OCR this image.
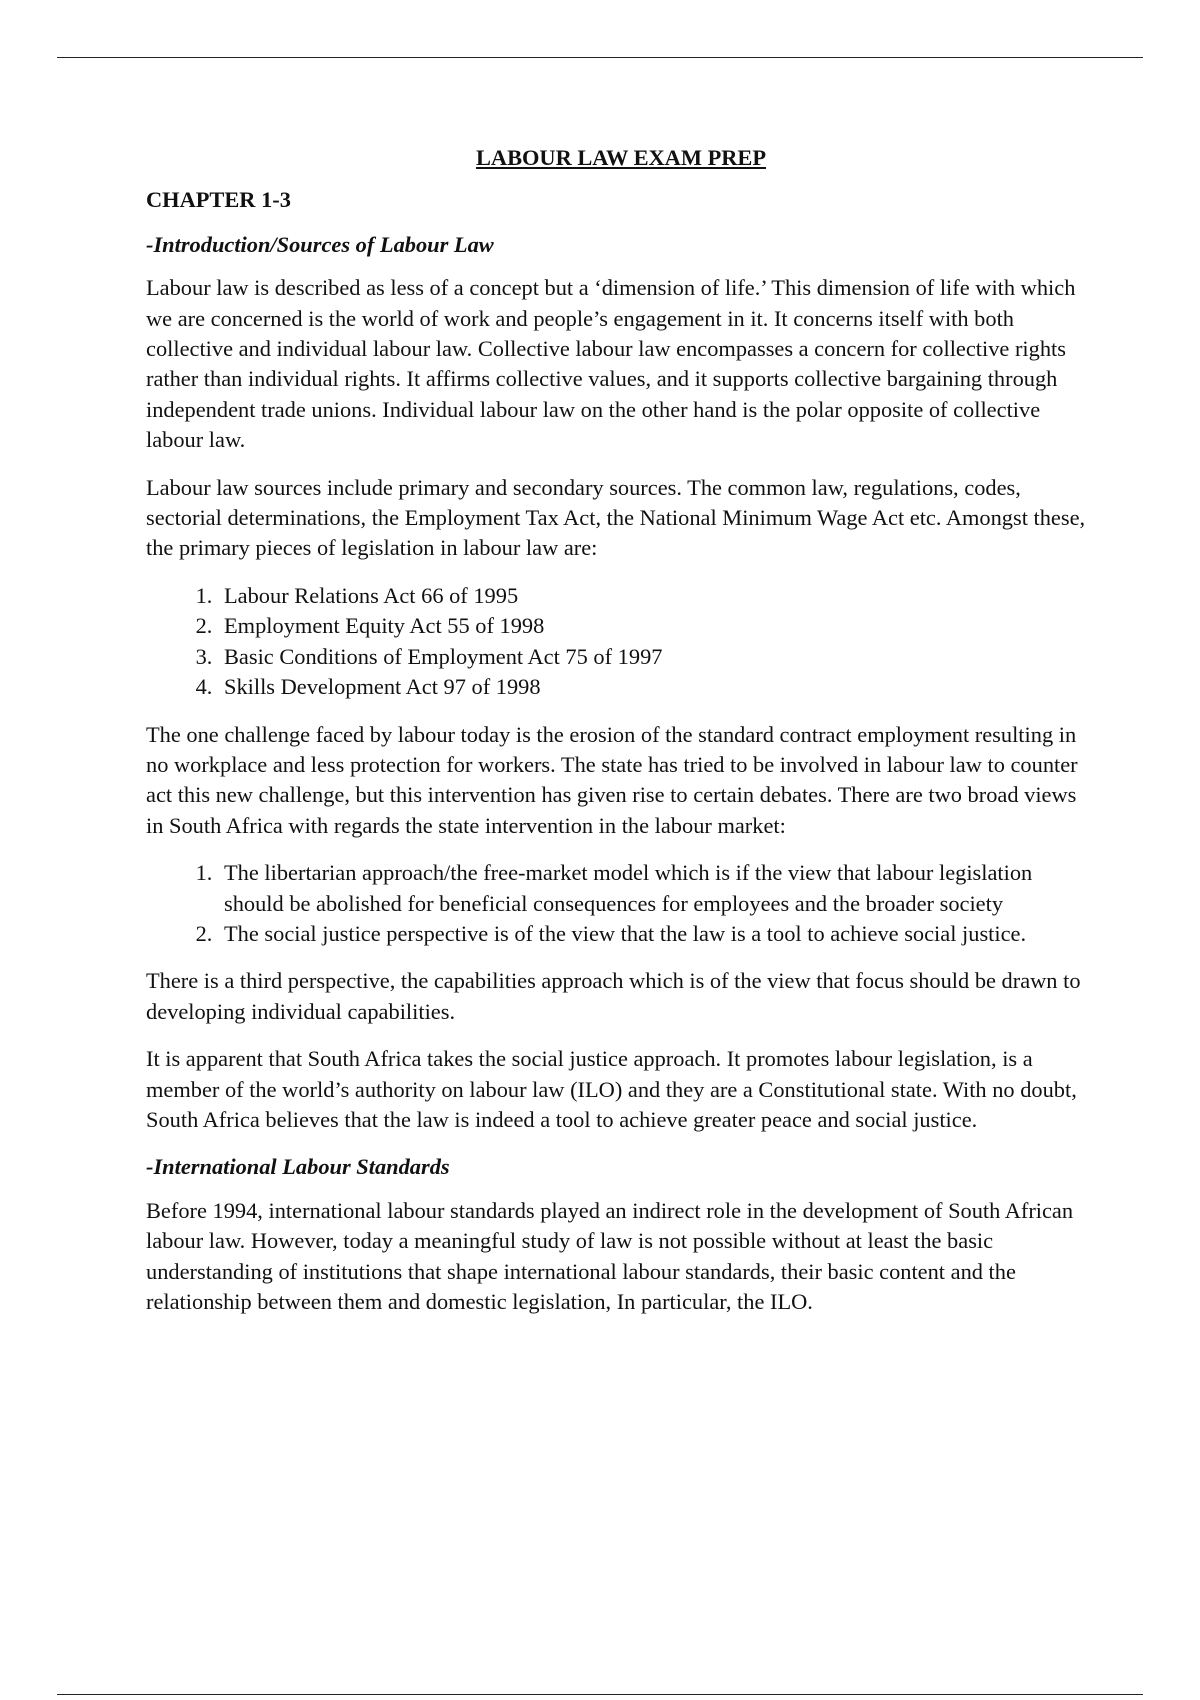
LABOUR LAW EXAM PREP
CHAPTER 1-3
-Introduction/Sources of Labour Law

Labour law is described as less of a concept but a ‘dimension of life.’ This dimension of life with which we are concerned is the world of work and people’s engagement in it. It concerns itself with both collective and individual labour law. Collective labour law encompasses a concern for collective rights rather than individual rights. It affirms collective values, and it supports collective bargaining through independent trade unions. Individual labour law on the other hand is the polar opposite of collective labour law.

Labour law sources include primary and secondary sources. The common law, regulations, codes, sectorial determinations, the Employment Tax Act, the National Minimum Wage Act etc. Amongst these, the primary pieces of legislation in labour law are:

1. Labour Relations Act 66 of 1995
2. Employment Equity Act 55 of 1998
3. Basic Conditions of Employment Act 75 of 1997
4. Skills Development Act 97 of 1998

The one challenge faced by labour today is the erosion of the standard contract employment resulting in no workplace and less protection for workers. The state has tried to be involved in labour law to counter act this new challenge, but this intervention has given rise to certain debates. There are two broad views in South Africa with regards the state intervention in the labour market:

1. The libertarian approach/the free-market model which is if the view that labour legislation should be abolished for beneficial consequences for employees and the broader society
2. The social justice perspective is of the view that the law is a tool to achieve social justice.

There is a third perspective, the capabilities approach which is of the view that focus should be drawn to developing individual capabilities.

It is apparent that South Africa takes the social justice approach. It promotes labour legislation, is a member of the world’s authority on labour law (ILO) and they are a Constitutional state. With no doubt, South Africa believes that the law is indeed a tool to achieve greater peace and social justice.

-International Labour Standards

Before 1994, international labour standards played an indirect role in the development of South African labour law. However, today a meaningful study of law is not possible without at least the basic understanding of institutions that shape international labour standards, their basic content and the relationship between them and domestic legislation, In particular, the ILO.
